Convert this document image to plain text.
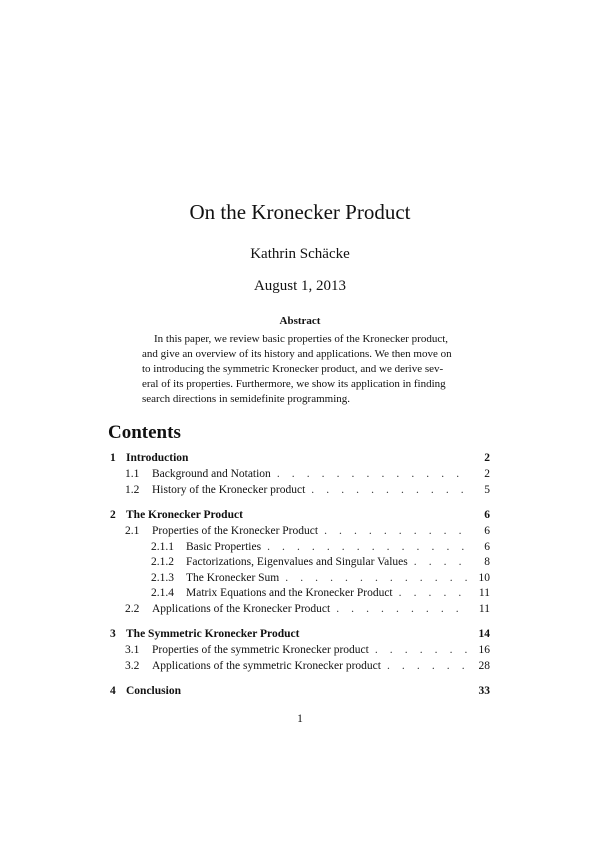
On the Kronecker Product
Kathrin Schäcke
August 1, 2013
Abstract
In this paper, we review basic properties of the Kronecker product,
and give an overview of its history and applications. We then move on
to introducing the symmetric Kronecker product, and we derive sev-
eral of its properties. Furthermore, we show its application in finding
search directions in semidefinite programming.
Contents
1 Introduction	2
1.1	Background and Notation . . .	2
1.2	History of the Kronecker product . . .	5
2 The Kronecker Product	6
2.1	Properties of the Kronecker Product . . .	6
2.1.1	Basic Properties . . .	6
2.1.2	Factorizations, Eigenvalues and Singular Values . . .	8
2.1.3	The Kronecker Sum . . .	10
2.1.4	Matrix Equations and the Kronecker Product . . .	11
2.2	Applications of the Kronecker Product . . .	11
3 The Symmetric Kronecker Product	14
3.1	Properties of the symmetric Kronecker product . . .	16
3.2	Applications of the symmetric Kronecker product . . .	28
4 Conclusion	33
1
